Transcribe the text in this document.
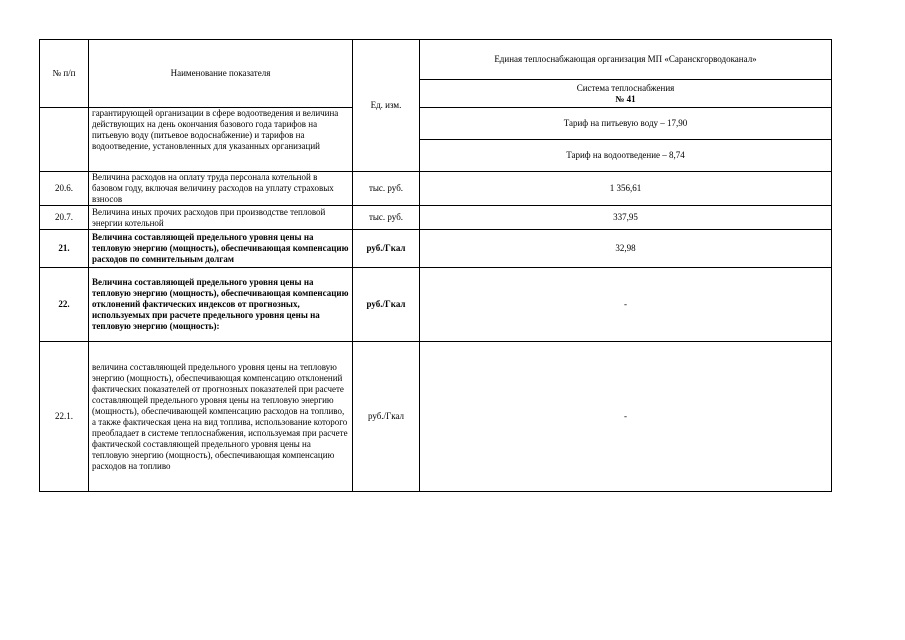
№ п/п	Наименование показателя	Ед. изм.	Единая теплоснабжающая организация МП «Саранскгорводоканал»

			Система теплоснабжения
№ 41

	гарантирующей организации в сфере водоотведения и величина действующих на день окончания базового года тарифов на питьевую воду (питьевое водоснабжение) и тарифов на водоотведение, установленных для указанных организаций		Тариф на питьевую воду – 17,90
			Тариф на водоотведение – 8,74
20.6.	Величина расходов на оплату труда персонала котельной в базовом году, включая величину расходов на уплату страховых взносов	тыс. руб.	1 356,61
20.7.	Величина иных прочих расходов при производстве тепловой энергии котельной	тыс. руб.	337,95
21.	Величина составляющей предельного уровня цены на тепловую энергию (мощность), обеспечивающая компенсацию расходов по сомнительным долгам	руб./Гкал	32,98
22.	Величина составляющей предельного уровня цены на тепловую энергию (мощность), обеспечивающая компенсацию отклонений фактических индексов от прогнозных, используемых при расчете предельного уровня цены на тепловую энергию (мощность):	руб./Гкал	-
22.1.	величина составляющей предельного уровня цены на тепловую энергию (мощность), обеспечивающая компенсацию отклонений фактических показателей от прогнозных показателей при расчете составляющей предельного уровня цены на тепловую энергию (мощность), обеспечивающей компенсацию расходов на топливо, а также фактическая цена на вид топлива, использование которого преобладает в системе теплоснабжения, используемая при расчете фактической составляющей предельного уровня цены на тепловую энергию (мощность), обеспечивающая компенсацию расходов на топливо	руб./Гкал	-
